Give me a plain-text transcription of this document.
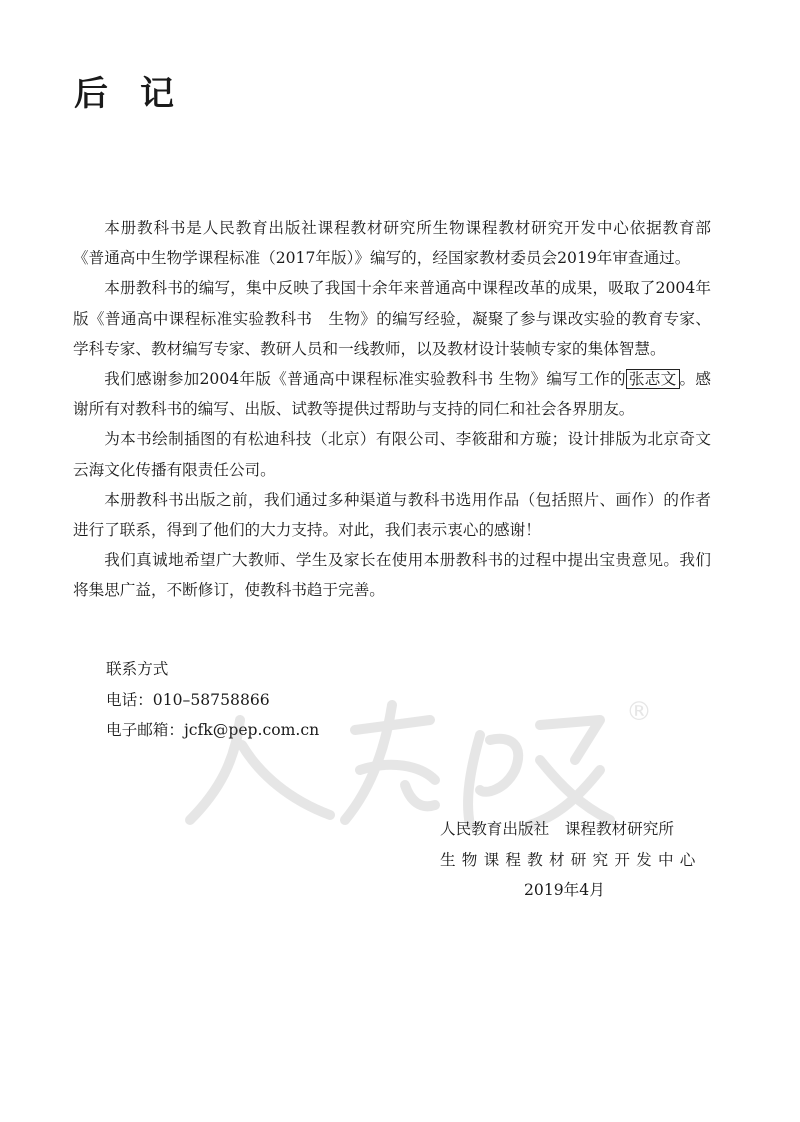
后 记

本册教科书是人民教育出版社课程教材研究所生物课程教材研究开发中心依据教育部《普通高中生物学课程标准（2017年版）》编写的，经国家教材委员会2019年审查通过。

本册教科书的编写，集中反映了我国十余年来普通高中课程改革的成果，吸取了2004年版《普通高中课程标准实验教科书　生物》的编写经验，凝聚了参与课改实验的教育专家、学科专家、教材编写专家、教研人员和一线教师，以及教材设计装帧专家的集体智慧。

我们感谢参加2004年版《普通高中课程标准实验教科书 生物》编写工作的 张志文 。感谢所有对教科书的编写、出版、试教等提供过帮助与支持的同仁和社会各界朋友。

为本书绘制插图的有松迪科技（北京）有限公司、李筱甜和方璇；设计排版为北京奇文云海文化传播有限责任公司。

本册教科书出版之前，我们通过多种渠道与教科书选用作品（包括照片、画作）的作者进行了联系，得到了他们的大力支持。对此，我们表示衷心的感谢！

我们真诚地希望广大教师、学生及家长在使用本册教科书的过程中提出宝贵意见。我们将集思广益，不断修订，使教科书趋于完善。

联系方式
电话：010–58758866
电子邮箱：jcfk@pep.com.cn
®
人民教育出版社　课程教材研究所
生物课程教材研究开发中心
2019年4月
